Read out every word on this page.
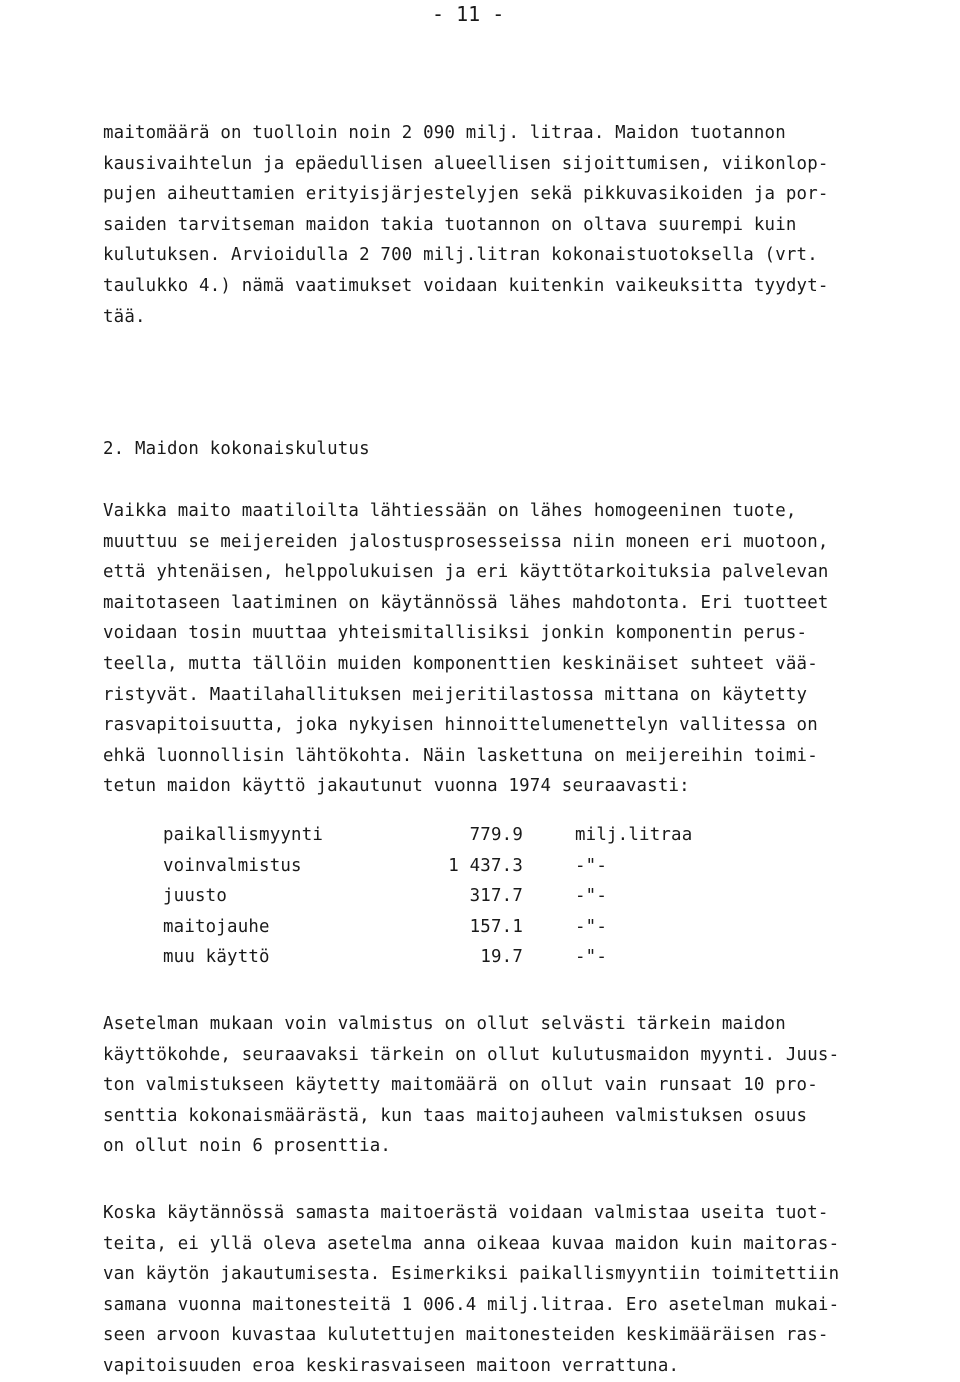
- 11 -
maitomäärä on tuolloin noin 2 090 milj. litraa. Maidon tuotannon
kausivaihtelun ja epäedullisen alueellisen sijoittumisen, viikonlop-
pujen aiheuttamien erityisjärjestelyjen sekä pikkuvasikoiden ja por-
saiden tarvitseman maidon takia tuotannon on oltava suurempi kuin
kulutuksen. Arvioidulla 2 700 milj.litran kokonaistuotoksella (vrt.
taulukko 4.) nämä vaatimukset voidaan kuitenkin vaikeuksitta tyydyt-
tää.
2. Maidon kokonaiskulutus
Vaikka maito maatiloilta lähtiessään on lähes homogeeninen tuote,
muuttuu se meijereiden jalostusprosesseissa niin moneen eri muotoon,
että yhtenäisen, helppolukuisen ja eri käyttötarkoituksia palvelevan
maitotaseen laatiminen on käytännössä lähes mahdotonta. Eri tuotteet
voidaan tosin muuttaa yhteismitallisiksi jonkin komponentin perus-
teella, mutta tällöin muiden komponenttien keskinäiset suhteet vää-
ristyvät. Maatilahallituksen meijeritilastossa mittana on käytetty
rasvapitoisuutta, joka nykyisen hinnoittelumenettelyn vallitessa on
ehkä luonnollisin lähtökohta. Näin laskettuna on meijereihin toimi-
tetun maidon käyttö jakautunut vuonna 1974 seuraavasti:
paikallismyynti	779.9	milj.litraa
voinvalmistus	1 437.3	-"-
juusto	317.7	-"-
maitojauhe	157.1	-"-
muu käyttö	19.7	-"-
Asetelman mukaan voin valmistus on ollut selvästi tärkein maidon
käyttökohde, seuraavaksi tärkein on ollut kulutusmaidon myynti. Juus-
ton valmistukseen käytetty maitomäärä on ollut vain runsaat 10 pro-
senttia kokonaismäärästä, kun taas maitojauheen valmistuksen osuus
on ollut noin 6 prosenttia.
Koska käytännössä samasta maitoerästä voidaan valmistaa useita tuot-
teita, ei yllä oleva asetelma anna oikeaa kuvaa maidon kuin maitoras-
van käytön jakautumisesta. Esimerkiksi paikallismyyntiin toimitettiin
samana vuonna maitonesteitä 1 006.4 milj.litraa. Ero asetelman mukai-
seen arvoon kuvastaa kulutettujen maitonesteiden keskimääräisen ras-
vapitoisuuden eroa keskirasvaiseen maitoon verrattuna.
